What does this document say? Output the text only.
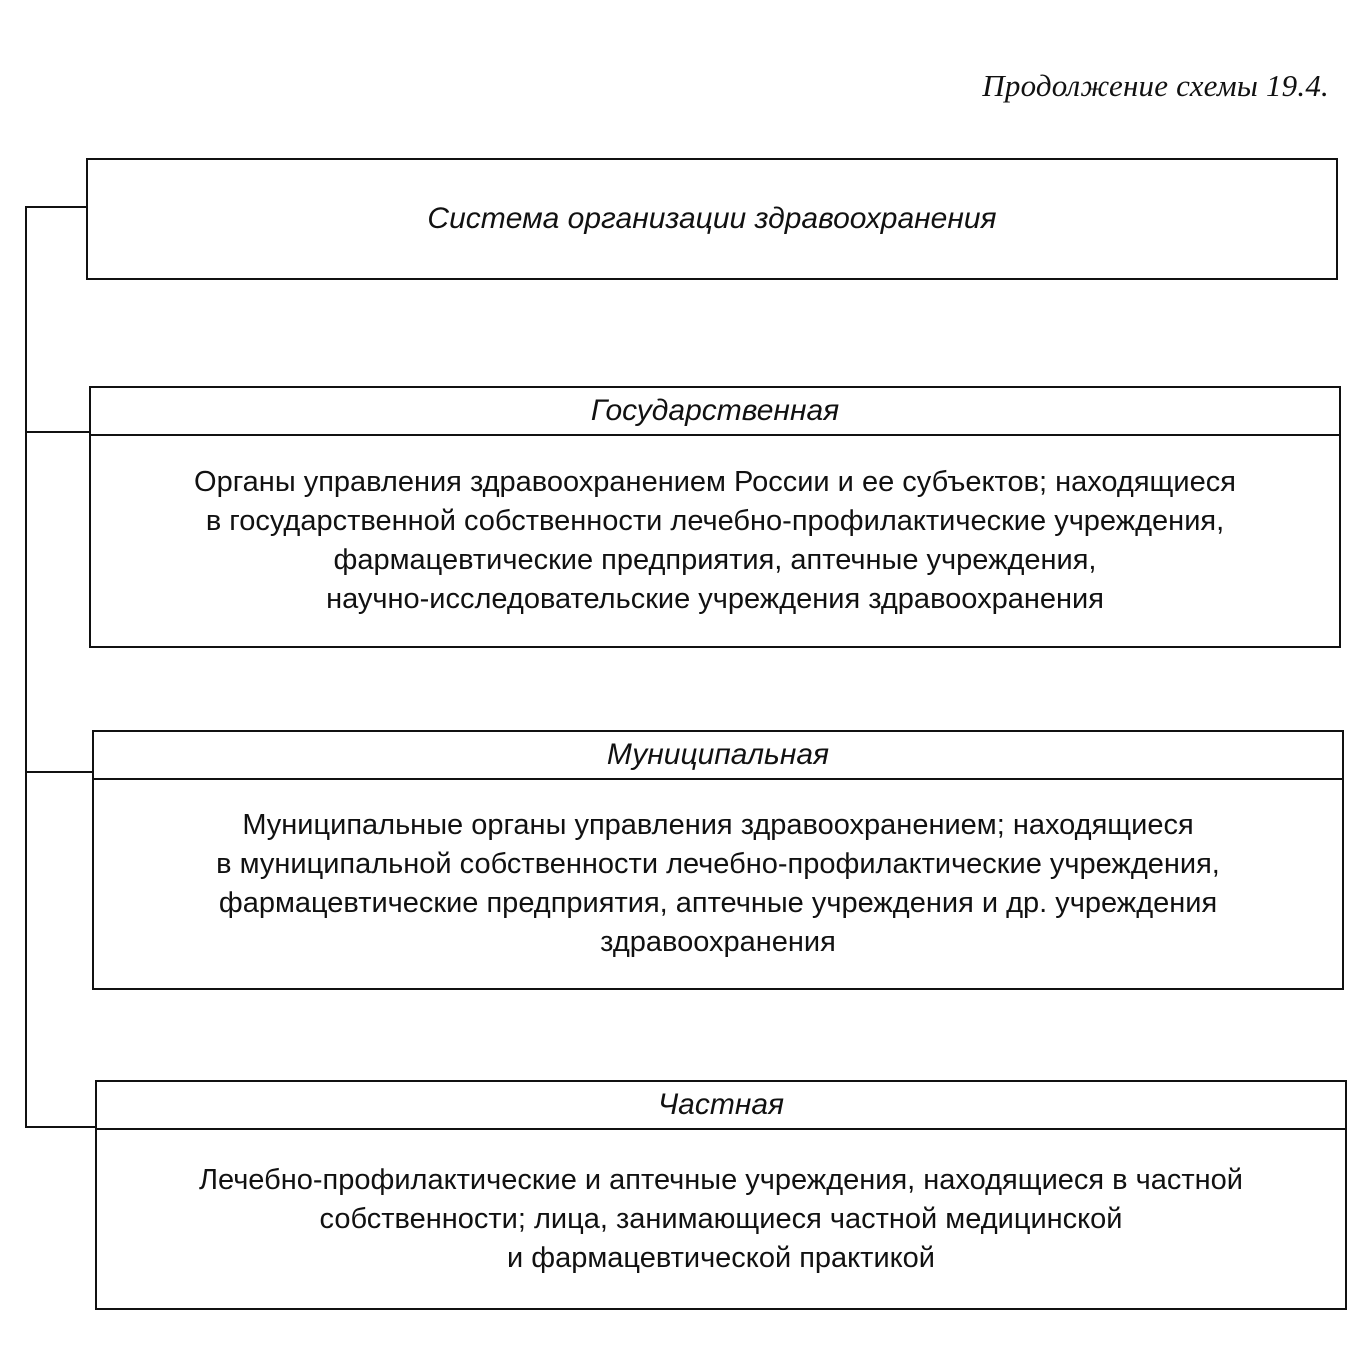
Продолжение схемы 19.4.
Система организации здравоохранения
Государственная
Органы управления здравоохранением России и ее субъектов; находящиеся
в государственной собственности лечебно-профилактические учреждения,
фармацевтические предприятия, аптечные учреждения,
научно-исследовательские учреждения здравоохранения
Муниципальная
Муниципальные органы управления здравоохранением; находящиеся
в муниципальной собственности лечебно-профилактические учреждения,
фармацевтические предприятия, аптечные учреждения и др. учреждения
здравоохранения
Частная
Лечебно-профилактические и аптечные учреждения, находящиеся в частной
собственности; лица, занимающиеся частной медицинской
и фармацевтической практикой
